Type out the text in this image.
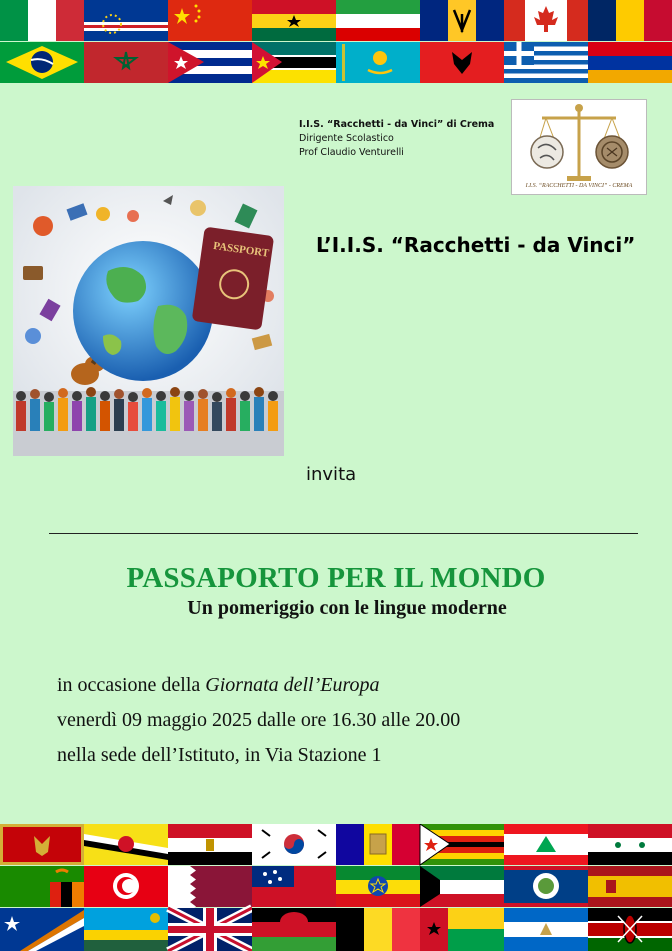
I.I.S. “Racchetti - da Vinci” di Crema
Dirigente Scolastico
Prof Claudio Venturelli
I.I.S. “RACCHETTI - DA VINCI” - CREMA
PASSPORT L’I.I.S. “Racchetti - da Vinci”
invita
PASSAPORTO PER IL MONDO
Un pomeriggio con le lingue moderne
in occasione della Giornata dell’Europa
venerdì 09 maggio 2025 dalle ore 16.30 alle 20.00
nella sede dell’Istituto, in Via Stazione 1
